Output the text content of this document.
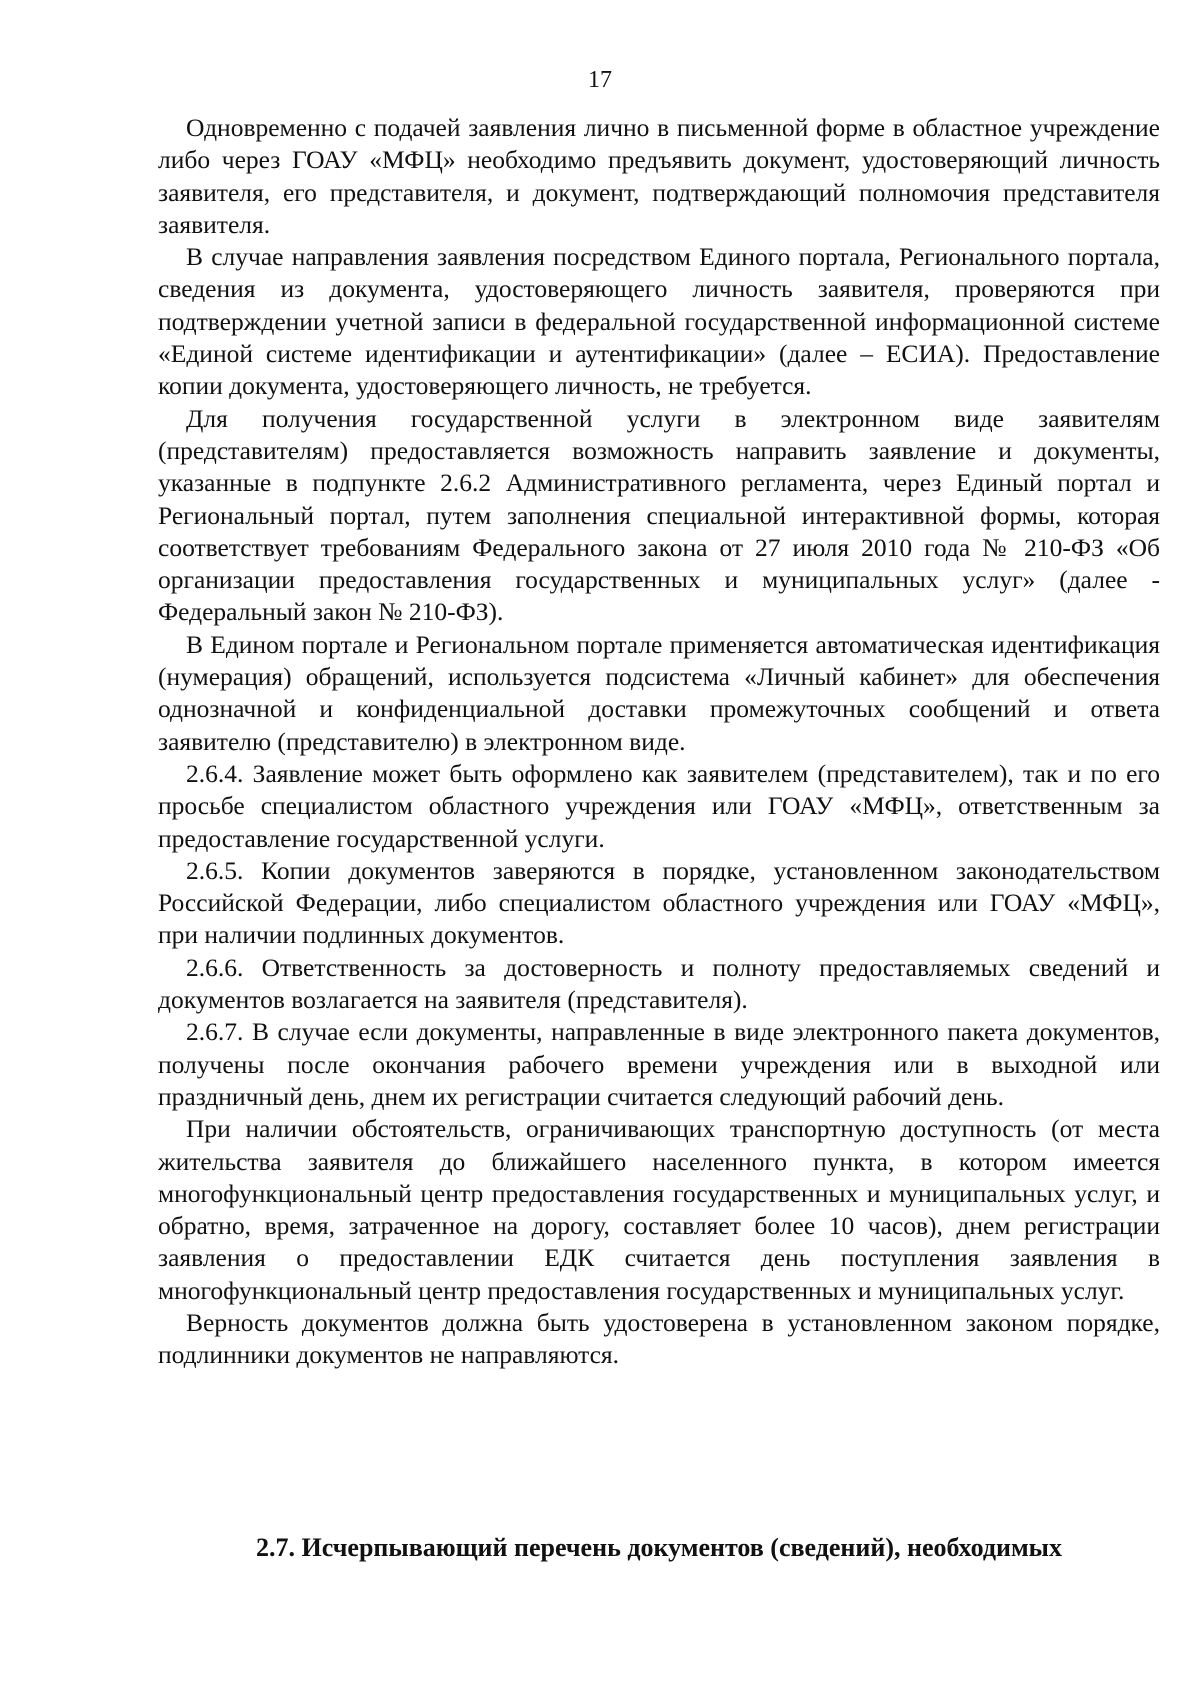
17

Одновременно с подачей заявления лично в письменной форме в областное учреждение либо через ГОАУ «МФЦ» необходимо предъявить документ, удостоверяющий личность заявителя, его представителя, и документ, подтверждающий полномочия представителя заявителя.

В случае направления заявления посредством Единого портала, Регионального портала, сведения из документа, удостоверяющего личность заявителя, проверяются при подтверждении учетной записи в федеральной государственной информационной системе «Единой системе идентификации и аутентификации» (далее – ЕСИА). Предоставление копии документа, удостоверяющего личность, не требуется.

Для получения государственной услуги в электронном виде заявителям (представителям) предоставляется возможность направить заявление и документы, указанные в подпункте 2.6.2 Административного регламента, через Единый портал и Региональный портал, путем заполнения специальной интерактивной формы, которая соответствует требованиям Федерального закона от 27 июля 2010 года № 210-ФЗ «Об организации предоставления государственных и муниципальных услуг» (далее - Федеральный закон № 210-ФЗ).

В Едином портале и Региональном портале применяется автоматическая идентификация (нумерация) обращений, используется подсистема «Личный кабинет» для обеспечения однозначной и конфиденциальной доставки промежуточных сообщений и ответа заявителю (представителю) в электронном виде.

2.6.4. Заявление может быть оформлено как заявителем (представителем), так и по его просьбе специалистом областного учреждения или ГОАУ «МФЦ», ответственным за предоставление государственной услуги.

2.6.5. Копии документов заверяются в порядке, установленном законодательством Российской Федерации, либо специалистом областного учреждения или ГОАУ «МФЦ», при наличии подлинных документов.

2.6.6. Ответственность за достоверность и полноту предоставляемых сведений и документов возлагается на заявителя (представителя).

2.6.7. В случае если документы, направленные в виде электронного пакета документов, получены после окончания рабочего времени учреждения или в выходной или праздничный день, днем их регистрации считается следующий рабочий день.

При наличии обстоятельств, ограничивающих транспортную доступность (от места жительства заявителя до ближайшего населенного пункта, в котором имеется многофункциональный центр предоставления государственных и муниципальных услуг, и обратно, время, затраченное на дорогу, составляет более 10 часов), днем регистрации заявления о предоставлении ЕДК считается день поступления заявления в многофункциональный центр предоставления государственных и муниципальных услуг.

Верность документов должна быть удостоверена в установленном законом порядке, подлинники документов не направляются.

2.7. Исчерпывающий перечень документов (сведений), необходимых
